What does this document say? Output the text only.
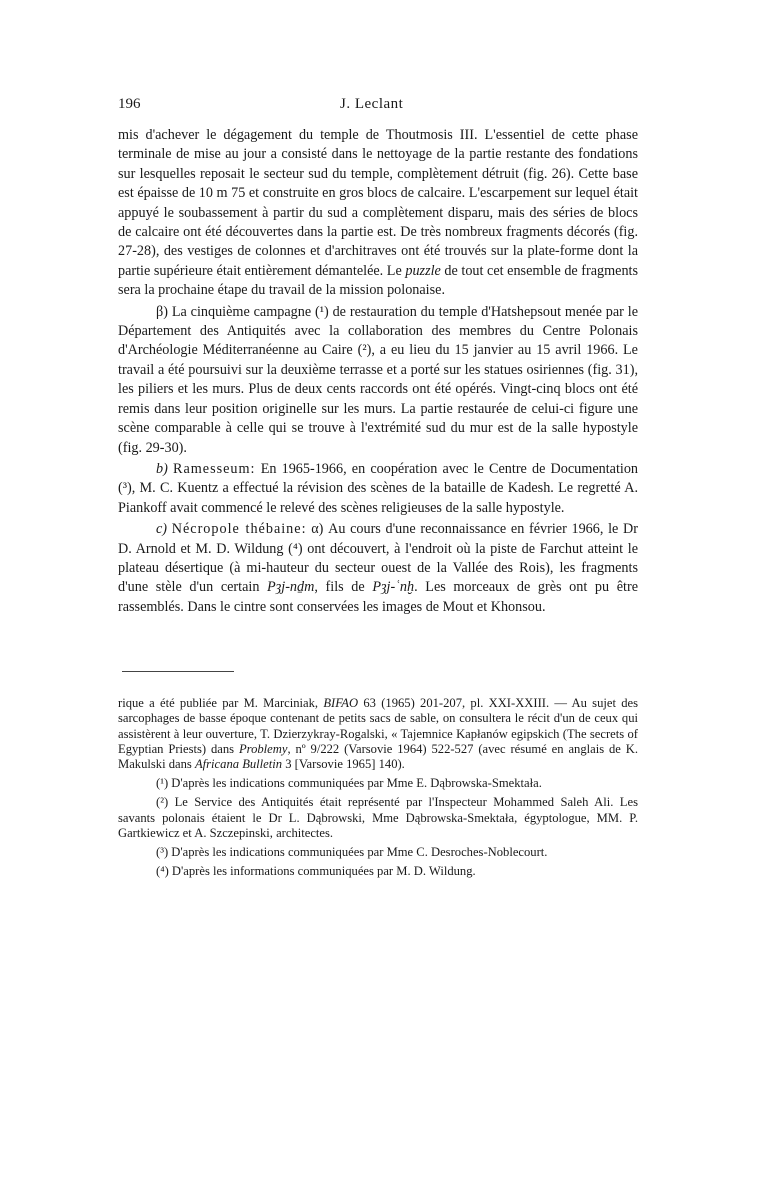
196	J. Leclant

mis d'achever le dégagement du temple de Thoutmosis III. L'essentiel de cette phase terminale de mise au jour a consisté dans le nettoyage de la partie restante des fondations sur lesquelles reposait le secteur sud du temple, complètement détruit (fig. 26). Cette base est épaisse de 10 m 75 et construite en gros blocs de calcaire. L'escarpement sur lequel était appuyé le soubassement à partir du sud a complètement disparu, mais des séries de blocs de calcaire ont été découvertes dans la partie est. De très nombreux fragments décorés (fig. 27-28), des vestiges de colonnes et d'architraves ont été trouvés sur la plate-forme dont la partie supérieure était entièrement démantelée. Le puzzle de tout cet ensemble de fragments sera la prochaine étape du travail de la mission polonaise.

β) La cinquième campagne (¹) de restauration du temple d'Hatshepsout menée par le Département des Antiquités avec la collaboration des membres du Centre Polonais d'Archéologie Méditerranéenne au Caire (²), a eu lieu du 15 janvier au 15 avril 1966. Le travail a été poursuivi sur la deuxième terrasse et a porté sur les statues osiriennes (fig. 31), les piliers et les murs. Plus de deux cents raccords ont été opérés. Vingt-cinq blocs ont été remis dans leur position originelle sur les murs. La partie restaurée de celui-ci figure une scène comparable à celle qui se trouve à l'extrémité sud du mur est de la salle hypostyle (fig. 29-30).

b) Ramesseum: En 1965-1966, en coopération avec le Centre de Documentation (³), M. C. Kuentz a effectué la révision des scènes de la bataille de Kadesh. Le regretté A. Piankoff avait commencé le relevé des scènes religieuses de la salle hypostyle.

c) Nécropole thébaine: α) Au cours d'une reconnaissance en février 1966, le Dr D. Arnold et M. D. Wildung (⁴) ont découvert, à l'endroit où la piste de Farchut atteint le plateau désertique (à mi-hauteur du secteur ouest de la Vallée des Rois), les fragments d'une stèle d'un certain Pȝj-nḏm, fils de Pȝj-ʿnḫ. Les morceaux de grès ont pu être rassemblés. Dans le cintre sont conservées les images de Mout et Khonsou.

rique a été publiée par M. Marciniak, BIFAO 63 (1965) 201-207, pl. XXI-XXIII. — Au sujet des sarcophages de basse époque contenant de petits sacs de sable, on consultera le récit d'un de ceux qui assistèrent à leur ouverture, T. Dzierzykray-Rogalski, « Tajemnice Kapłanów egipskich (The secrets of Egyptian Priests) dans Problemy, nº 9/222 (Varsovie 1964) 522-527 (avec résumé en anglais de K. Makulski dans Africana Bulletin 3 [Varsovie 1965] 140).

(¹) D'après les indications communiquées par Mme E. Dąbrowska-Smektała.

(²) Le Service des Antiquités était représenté par l'Inspecteur Mohammed Saleh Ali. Les savants polonais étaient le Dr L. Dąbrowski, Mme Dąbrowska-Smektała, égyptologue, MM. P. Gartkiewicz et A. Szczepinski, architectes.

(³) D'après les indications communiquées par Mme C. Desroches-Noblecourt.

(⁴) D'après les informations communiquées par M. D. Wildung.
